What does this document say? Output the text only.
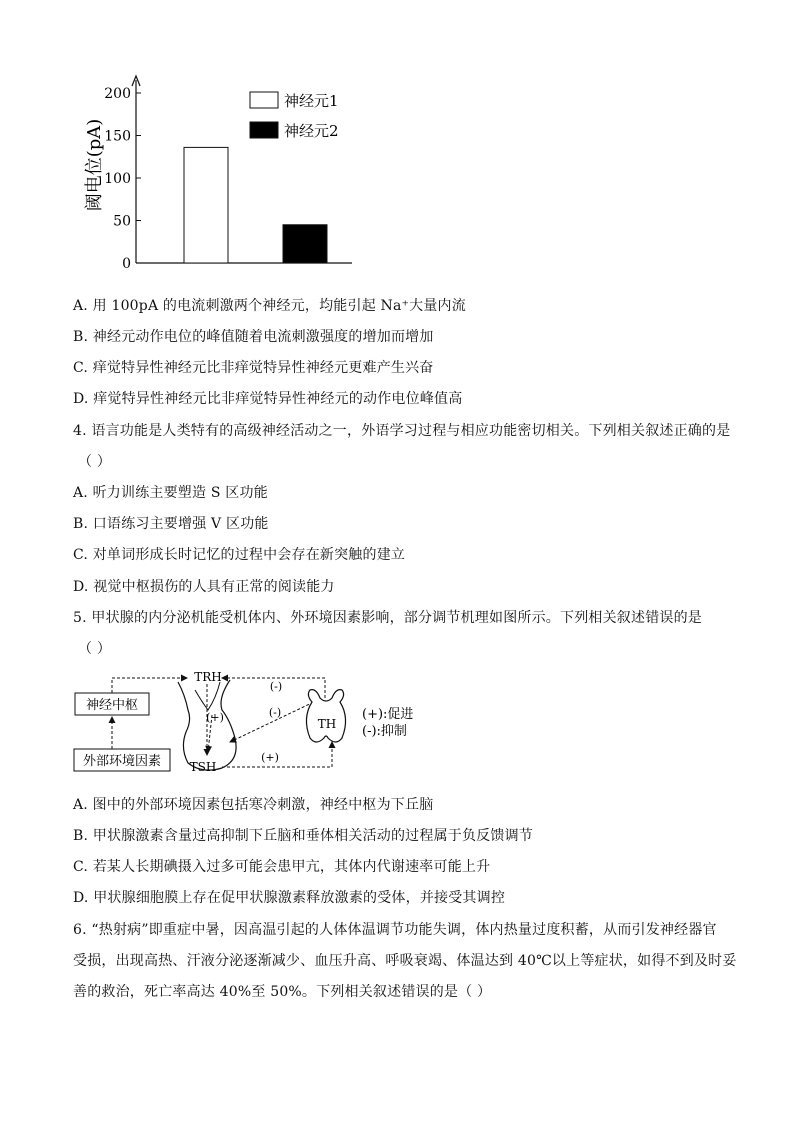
0
50
100
150
200
阈电位(pA)
神经元1
神经元2
A. 用 100pA 的电流刺激两个神经元，均能引起 Na⁺大量内流
B. 神经元动作电位的峰值随着电流刺激强度的增加而增加
C. 痒觉特异性神经元比非痒觉特异性神经元更难产生兴奋
D. 痒觉特异性神经元比非痒觉特异性神经元的动作电位峰值高
4. 语言功能是人类特有的高级神经活动之一，外语学习过程与相应功能密切相关。下列相关叙述正确的是
（ ）
A. 听力训练主要塑造 S 区功能
B. 口语练习主要增强 V 区功能
C. 对单词形成长时记忆的过程中会存在新突触的建立
D. 视觉中枢损伤的人具有正常的阅读能力
5. 甲状腺的内分泌机能受机体内、外环境因素影响，部分调节机理如图所示。下列相关叙述错误的是
（ ）
神经中枢
外部环境因素
TRH
(+)
TSH
(+)
(-)
(-)
TH
(+):促进
(-):抑制
A. 图中的外部环境因素包括寒冷刺激，神经中枢为下丘脑
B. 甲状腺激素含量过高抑制下丘脑和垂体相关活动的过程属于负反馈调节
C. 若某人长期碘摄入过多可能会患甲亢，其体内代谢速率可能上升
D. 甲状腺细胞膜上存在促甲状腺激素释放激素的受体，并接受其调控
6. “热射病”即重症中暑，因高温引起的人体体温调节功能失调，体内热量过度积蓄，从而引发神经器官
受损，出现高热、汗液分泌逐渐减少、血压升高、呼吸衰竭、体温达到 40℃以上等症状，如得不到及时妥
善的救治，死亡率高达 40%至 50%。下列相关叙述错误的是（ ）
